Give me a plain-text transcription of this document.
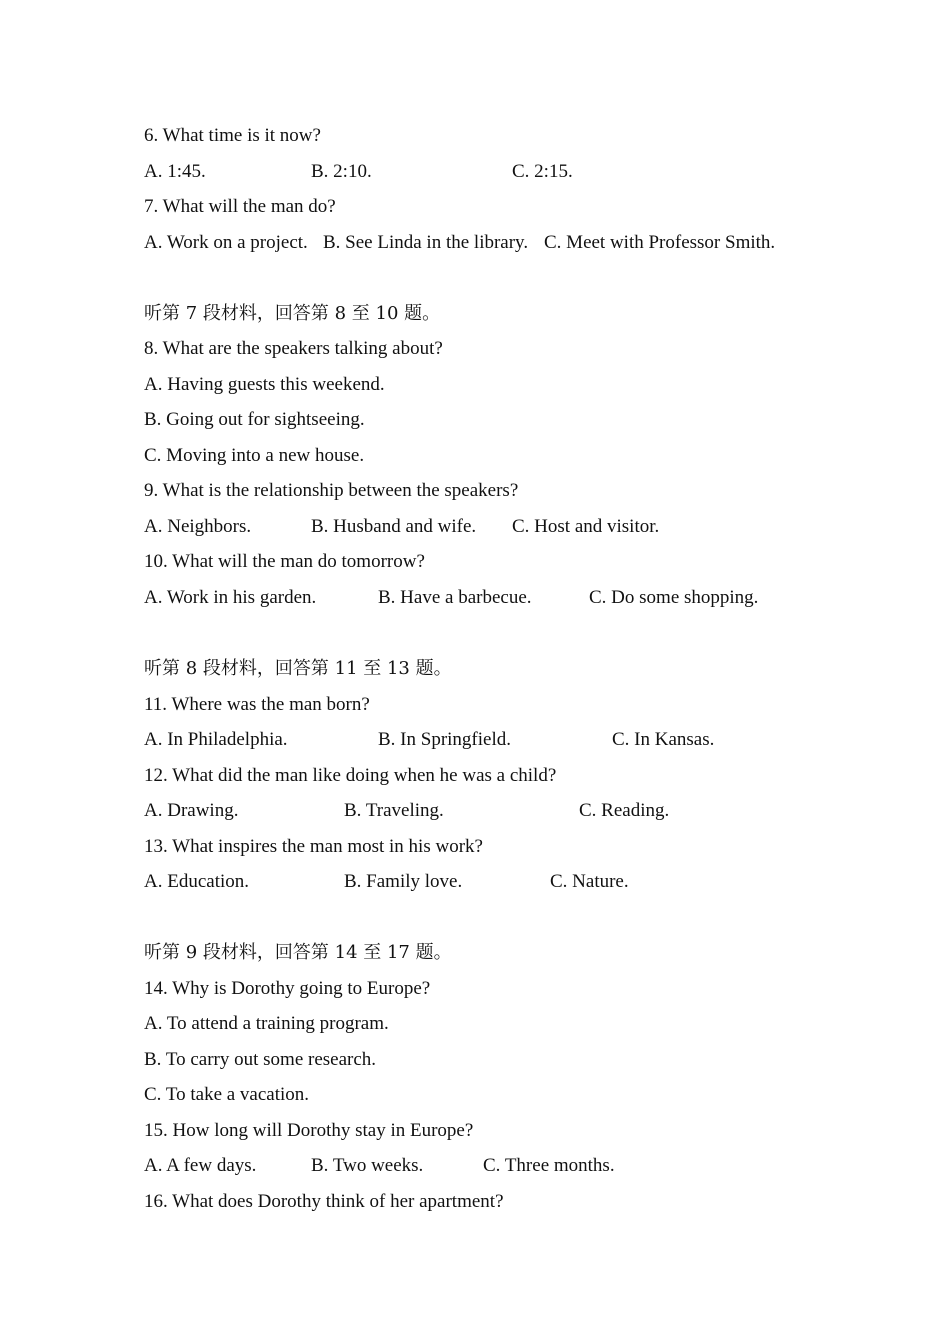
6. What time is it now?
A. 1:45.	B. 2:10.	C. 2:15.
7. What will the man do?
A. Work on a project. B. See Linda in the library. C. Meet with Professor Smith.
听第 7 段材料，回答第 8 至 10 题。
8. What are the speakers talking about?
A. Having guests this weekend.
B. Going out for sightseeing.
C. Moving into a new house.
9. What is the relationship between the speakers?
A. Neighbors.	B. Husband and wife. C. Host and visitor.
10. What will the man do tomorrow?
A. Work in his garden.	B. Have a barbecue.	C. Do some shopping.
听第 8 段材料，回答第 11 至 13 题。
11. Where was the man born?
A. In Philadelphia.	B. In Springfield.	C. In Kansas.
12. What did the man like doing when he was a child?
A. Drawing.	B. Traveling.	C. Reading.
13. What inspires the man most in his work?
A. Education.	B. Family love.	C. Nature.
听第 9 段材料，回答第 14 至 17 题。
14. Why is Dorothy going to Europe?
A. To attend a training program.
B. To carry out some research.
C. To take a vacation.
15. How long will Dorothy stay in Europe?
A. A few days.	B. Two weeks.	C. Three months.
16. What does Dorothy think of her apartment?
